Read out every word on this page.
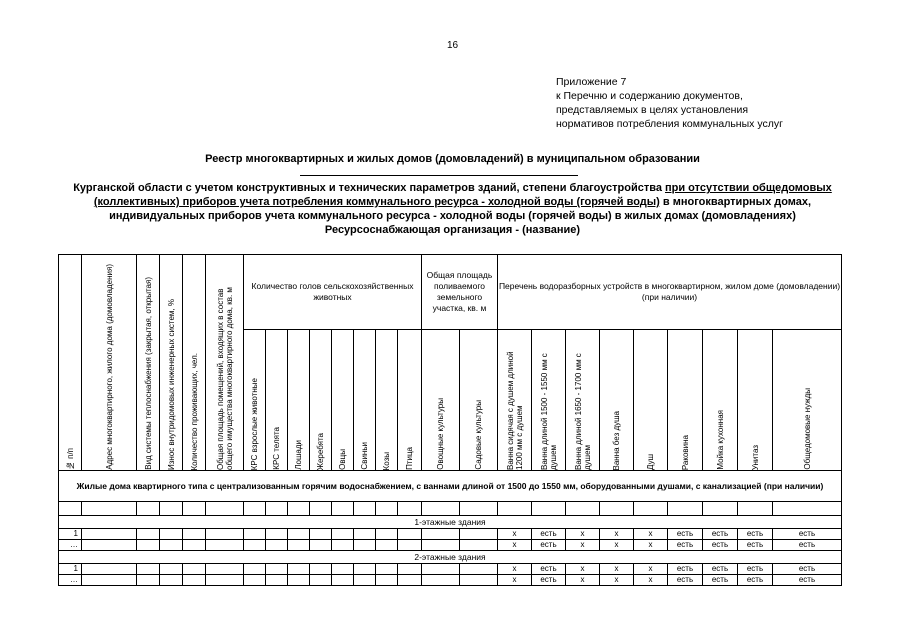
16
Приложение 7
к Перечню и содержанию документов,
представляемых в целях установления
нормативов потребления коммунальных услуг
Реестр многоквартирных и жилых домов (домовладений) в муниципальном образовании
Курганской области с учетом конструктивных и технических параметров зданий, степени благоустройства при отсутствии общедомовых (коллективных) приборов учета потребления коммунального ресурса - холодной воды (горячей воды) в многоквартирных домах, индивидуальных приборов учета коммунального ресурса - холодной воды (горячей воды) в жилых домах (домовладениях) Ресурсоснабжающая организация - (название)
№ п/п	Адрес многоквартирного, жилого дома (домовладения)	Вид системы теплоснабжения (закрытая, открытая)	Износ внутридомовых инженерных систем, %	Количество проживающих, чел.	Общая площадь помещений, входящих в состав общего имущества многоквартирного дома, кв. м	Количество голов сельскохозяйственных животных								Общая площадь поливаемого земельного участка, кв. м		Перечень водоразборных устройств в многоквартирном, жилом доме (домовладении) (при наличии)								

						КРС взрослые животные	КРС телята	Лошади	Жеребята	Овцы	Свиньи	Козы	Птица	Овощные культуры	Садовые культуры	Ванна сидячая с душем длиной 1200 мм с душем	Ванна длиной 1500 - 1550 мм с душем	Ванна длиной 1650 - 1700 мм с душем	Ванна без душа	Душ	Раковина	Мойка кухонная	Унитаз	Общедомовые нужды

Жилые дома квартирного типа с централизованным горячим водоснабжением, с ваннами длиной от 1500 до 1550 мм, оборудованными душами, с канализацией (при наличии)																								

1-этажные здания																								
1																х	есть	х	х	х	есть	есть	есть	есть
…																х	есть	х	х	х	есть	есть	есть	есть
2-этажные здания																								
1																х	есть	х	х	х	есть	есть	есть	есть
…																х	есть	х	х	х	есть	есть	есть	есть
